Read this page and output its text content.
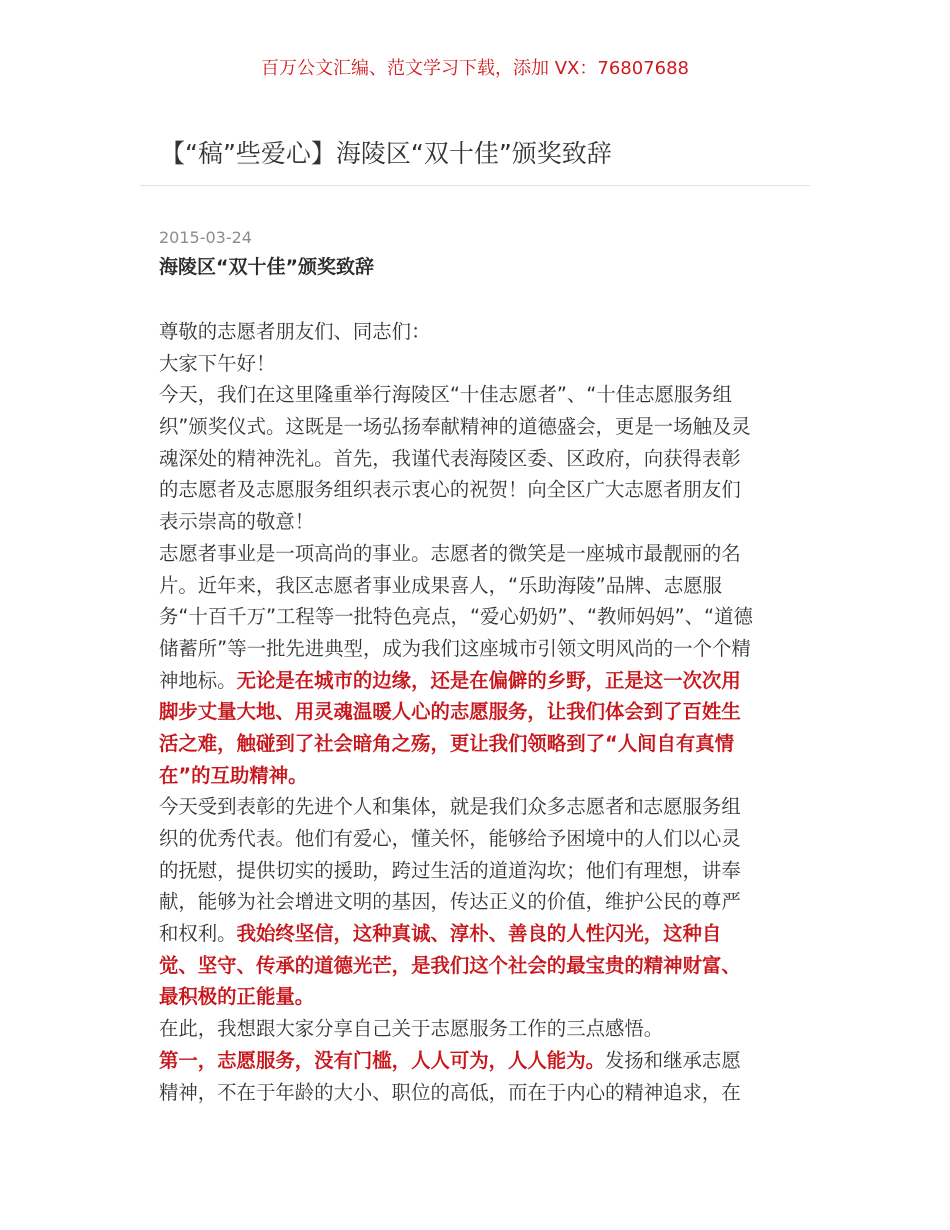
百万公文汇编、范文学习下载，添加 VX：76807688
【“稿”些爱心】海陵区“双十佳”颁奖致辞
2015-03-24
海陵区“双十佳”颁奖致辞
尊敬的志愿者朋友们、同志们：
大家下午好！
今天，我们在这里隆重举行海陵区“十佳志愿者”、“十佳志愿服务组
织”颁奖仪式。这既是一场弘扬奉献精神的道德盛会，更是一场触及灵
魂深处的精神洗礼。首先，我谨代表海陵区委、区政府，向获得表彰
的志愿者及志愿服务组织表示衷心的祝贺！向全区广大志愿者朋友们
表示崇高的敬意！
志愿者事业是一项高尚的事业。志愿者的微笑是一座城市最靓丽的名
片。近年来，我区志愿者事业成果喜人，“乐助海陵”品牌、志愿服
务“十百千万”工程等一批特色亮点，“爱心奶奶”、“教师妈妈”、“道德
储蓄所”等一批先进典型，成为我们这座城市引领文明风尚的一个个精
神地标。无论是在城市的边缘，还是在偏僻的乡野，正是这一次次用
脚步丈量大地、用灵魂温暖人心的志愿服务，让我们体会到了百姓生
活之难，触碰到了社会暗角之殇，更让我们领略到了“人间自有真情
在”的互助精神。
今天受到表彰的先进个人和集体，就是我们众多志愿者和志愿服务组
织的优秀代表。他们有爱心，懂关怀，能够给予困境中的人们以心灵
的抚慰，提供切实的援助，跨过生活的道道沟坎；他们有理想，讲奉
献，能够为社会增进文明的基因，传达正义的价值，维护公民的尊严
和权利。我始终坚信，这种真诚、淳朴、善良的人性闪光，这种自
觉、坚守、传承的道德光芒，是我们这个社会的最宝贵的精神财富、
最积极的正能量。
在此，我想跟大家分享自己关于志愿服务工作的三点感悟。
第一，志愿服务，没有门槛，人人可为，人人能为。发扬和继承志愿
精神，不在于年龄的大小、职位的高低，而在于内心的精神追求，在
